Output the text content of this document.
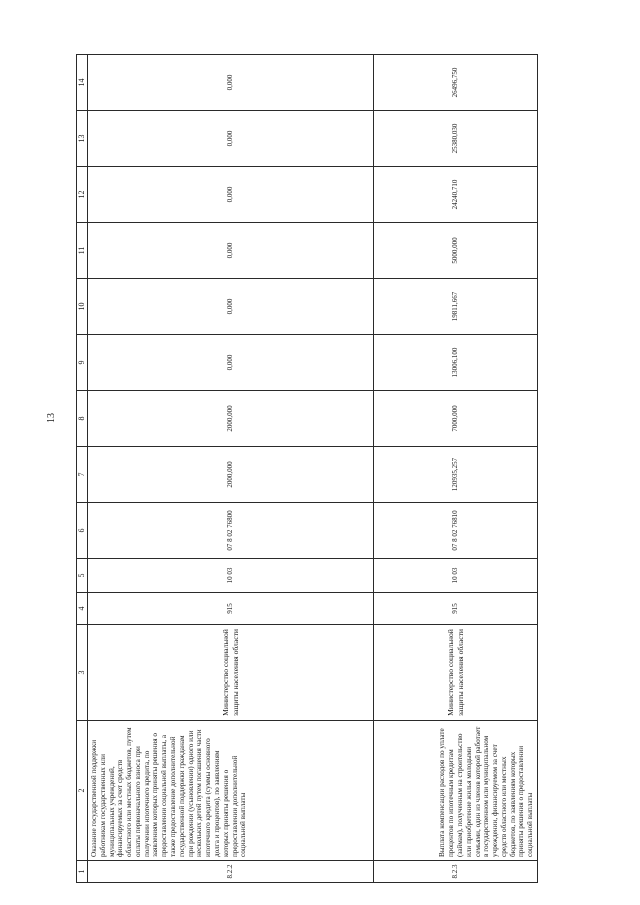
13
1	2	3	4	5	6	7	8	9	10	11	12	13	14
8.2.2	Оказание государственной поддержки работникам государственных или муниципальных учреждений, финансируемых за счет средств областного или местных бюджетов, путем оплаты первоначального взноса при получении ипотечного кредита, по заявлениям которых приняты решения о предоставлении социальной выплаты, а также предоставление дополнительной государственной поддержки гражданам при рождении (усыновлении) одного или нескольких детей путем погашения части ипотечного кредита (суммы основного долга и процентов), по заявлениям которых приняты решения о предоставлении дополнительной социальной выплаты	Министерство социальной защиты населения области	915	10 03	07 8 02 76800	2000,000	2000,000	0,000	0,000	0,000	0,000	0,000	0,000
8.2.3	Выплата компенсации расходов по уплате процентов по ипотечным кредитам (займам), полученным на строительство или приобретение жилья молодыми семьями, один из членов которой работает в государственном или муниципальном учреждении, финансируемом за счет средств областного или местных бюджетов, по заявлениям которых приняты решения о предоставлении социальной выплаты	Министерство социальной защиты населения области	915	10 03	07 8 02 76810	120935,257	7000,000	13006,100	19811,667	5000,000	24240,710	25380,030	26496,750
